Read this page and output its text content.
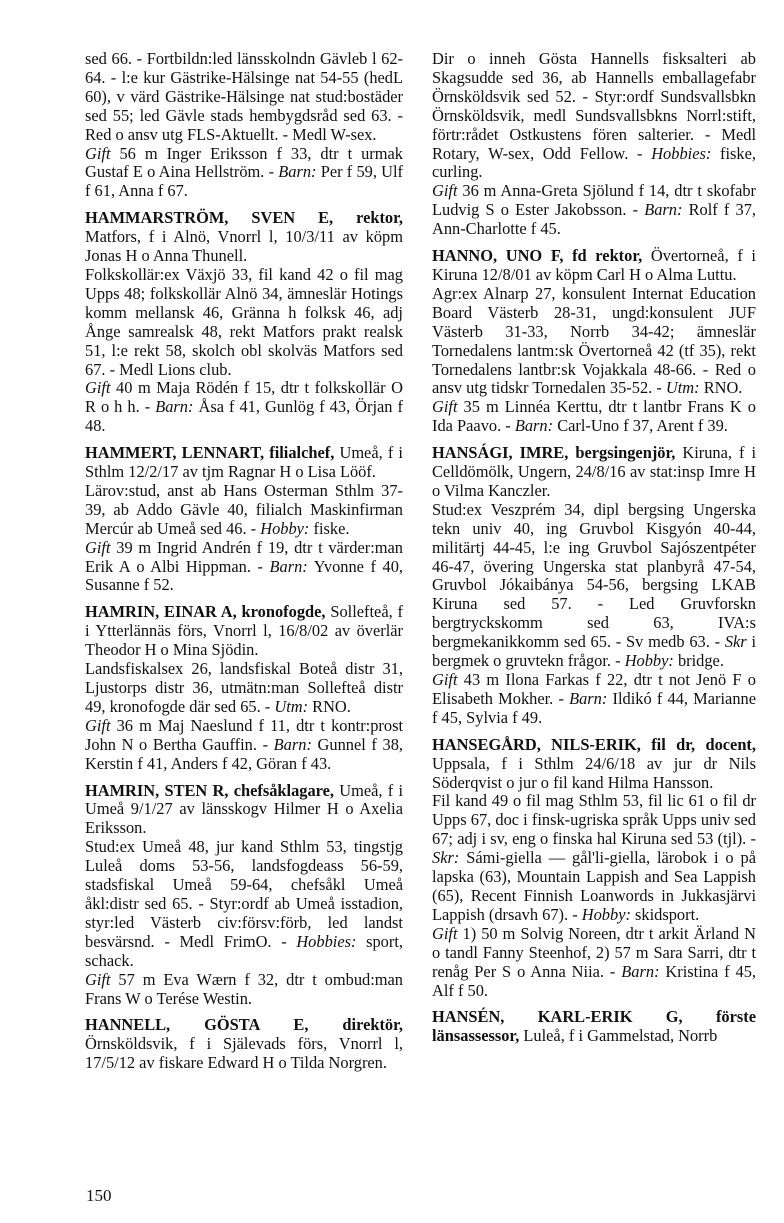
sed 66. - Fortbildn:led länsskolndn Gävleb l 62-64. - l:e kur Gästrike-Hälsinge nat 54-55 (hedL 60), v värd Gästrike-Hälsinge nat stud:bostäder sed 55; led Gävle stads hembygdsråd sed 63. - Red o ansv utg FLS-Aktuellt. - Medl W-sex.
Gift 56 m Inger Eriksson f 33, dtr t urmak Gustaf E o Aina Hellström. - Barn: Per f 59, Ulf f 61, Anna f 67.

HAMMARSTRÖM, SVEN E, rektor, Matfors, f i Alnö, Vnorrl l, 10/3/11 av köpm Jonas H o Anna Thunell.

Folkskollär:ex Växjö 33, fil kand 42 o fil mag Upps 48; folkskollär Alnö 34, ämneslär Hotings komm mellansk 46, Gränna h folksk 46, adj Ånge samrealsk 48, rekt Matfors prakt realsk 51, l:e rekt 58, skolch obl skolväs Matfors sed 67. - Medl Lions club.

Gift 40 m Maja Rödén f 15, dtr t folkskollär O R o h h. - Barn: Åsa f 41, Gunlög f 43, Örjan f 48.

HAMMERT, LENNART, filialchef, Umeå, f i Sthlm 12/2/17 av tjm Ragnar H o Lisa Lööf.

Lärov:stud, anst ab Hans Osterman Sthlm 37-39, ab Addo Gävle 40, filialch Maskinfirman Mercúr ab Umeå sed 46. - Hobby: fiske.

Gift 39 m Ingrid Andrén f 19, dtr t värder:man Erik A o Albi Hippman. - Barn: Yvonne f 40, Susanne f 52.

HAMRIN, EINAR A, kronofogde, Sollefteå, f i Ytterlännäs förs, Vnorrl l, 16/8/02 av överlär Theodor H o Mina Sjödin.

Landsfiskalsex 26, landsfiskal Boteå distr 31, Ljustorps distr 36, utmätn:man Sollefteå distr 49, kronofogde där sed 65. - Utm: RNO.

Gift 36 m Maj Naeslund f 11, dtr t kontr:prost John N o Bertha Gauffin. - Barn: Gunnel f 38, Kerstin f 41, Anders f 42, Göran f 43.

HAMRIN, STEN R, chefsåklagare, Umeå, f i Umeå 9/1/27 av länsskogv Hilmer H o Axelia Eriksson.

Stud:ex Umeå 48, jur kand Sthlm 53, tingstjg Luleå doms 53-56, landsfogdeass 56-59, stadsfiskal Umeå 59-64, chefsåkl Umeå åkl:distr sed 65. - Styr:ordf ab Umeå isstadion, styr:led Västerb civ:försv:förb, led landst besvärsnd. - Medl FrimO. - Hobbies: sport, schack.

Gift 57 m Eva Wærn f 32, dtr t ombud:man Frans W o Terése Westin.

HANNELL, GÖSTA E, direktör, Örnsköldsvik, f i Själevads förs, Vnorrl l, 17/5/12 av fiskare Edward H o Tilda Norgren.

Dir o inneh Gösta Hannells fisksalteri ab Skagsudde sed 36, ab Hannells emballagefabr Örnsköldsvik sed 52. - Styr:ordf Sundsvallsbkn Örnsköldsvik, medl Sundsvallsbkns Norrl:stift, förtr:rådet Ostkustens fören salterier. - Medl Rotary, W-sex, Odd Fellow. - Hobbies: fiske, curling.

Gift 36 m Anna-Greta Sjölund f 14, dtr t skofabr Ludvig S o Ester Jakobsson. - Barn: Rolf f 37, Ann-Charlotte f 45.

HANNO, UNO F, fd rektor, Övertorneå, f i Kiruna 12/8/01 av köpm Carl H o Alma Luttu.

Agr:ex Alnarp 27, konsulent Internat Education Board Västerb 28-31, ungd:konsulent JUF Västerb 31-33, Norrb 34-42; ämneslär Tornedalens lantm:sk Övertorneå 42 (tf 35), rekt Tornedalens lantbr:sk Vojakkala 48-66. - Red o ansv utg tidskr Tornedalen 35-52. - Utm: RNO.

Gift 35 m Linnéa Kerttu, dtr t lantbr Frans K o Ida Paavo. - Barn: Carl-Uno f 37, Arent f 39.

HANSÁGI, IMRE, bergsingenjör, Kiruna, f i Celldömölk, Ungern, 24/8/16 av stat:insp Imre H o Vilma Kanczler.

Stud:ex Veszprém 34, dipl bergsing Ungerska tekn univ 40, ing Gruvbol Kisgyón 40-44, militärtj 44-45, l:e ing Gruvbol Sajószentpéter 46-47, övering Ungerska stat planbyrå 47-54, Gruvbol Jókaibánya 54-56, bergsing LKAB Kiruna sed 57. - Led Gruvforskn bergtryckskomm sed 63, IVA:s bergmekanikkomm sed 65. - Sv medb 63. - Skr i bergmek o gruvtekn frågor. - Hobby: bridge.

Gift 43 m Ilona Farkas f 22, dtr t not Jenö F o Elisabeth Mokher. - Barn: Ildikó f 44, Marianne f 45, Sylvia f 49.

HANSEGÅRD, NILS-ERIK, fil dr, docent, Uppsala, f i Sthlm 24/6/18 av jur dr Nils Söderqvist o jur o fil kand Hilma Hansson.

Fil kand 49 o fil mag Sthlm 53, fil lic 61 o fil dr Upps 67, doc i finsk-ugriska språk Upps univ sed 67; adj i sv, eng o finska hal Kiruna sed 53 (tjl). - Skr: Sámi-giella — gål'li-giella, lärobok i o på lapska (63), Mountain Lappish and Sea Lappish (65), Recent Finnish Loanwords in Jukkasjärvi Lappish (drsavh 67). - Hobby: skidsport.

Gift 1) 50 m Solvig Noreen, dtr t arkit Ärland N o tandl Fanny Steenhof, 2) 57 m Sara Sarri, dtr t renåg Per S o Anna Niia. - Barn: Kristina f 45, Alf f 50.

HANSÉN, KARL-ERIK G, förste länsassessor, Luleå, f i Gammelstad, Norrb

150
